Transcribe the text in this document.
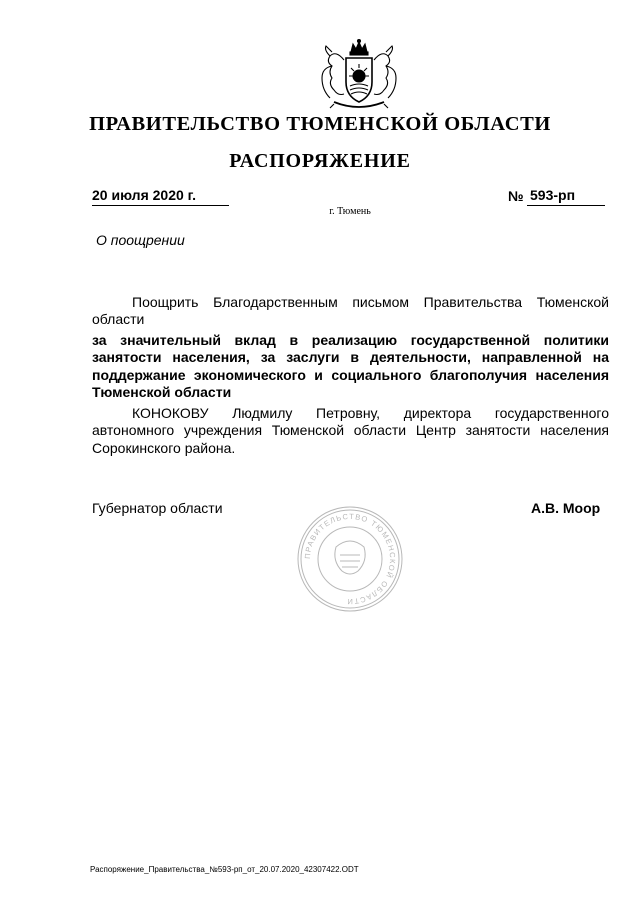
ПРАВИТЕЛЬСТВО ТЮМЕНСКОЙ ОБЛАСТИ
РАСПОРЯЖЕНИЕ
20 июля 2020 г.	№ 593-рп
г. Тюмень
О поощрении
Поощрить Благодарственным письмом Правительства Тюменской области
за значительный вклад в реализацию государственной политики занятости населения, за заслуги в деятельности, направленной на поддержание экономического и социального благополучия населения Тюменской области
КОНОКОВУ Людмилу Петровну, директора государственного автономного учреждения Тюменской области Центр занятости населения Сорокинского района.
Губернатор области	А.В. Моор
ПРАВИТЕЛЬСТВО ТЮМЕНСКОЙ ОБЛАСТИ
Распоряжение_Правительства_№593-рп_от_20.07.2020_42307422.ODT
